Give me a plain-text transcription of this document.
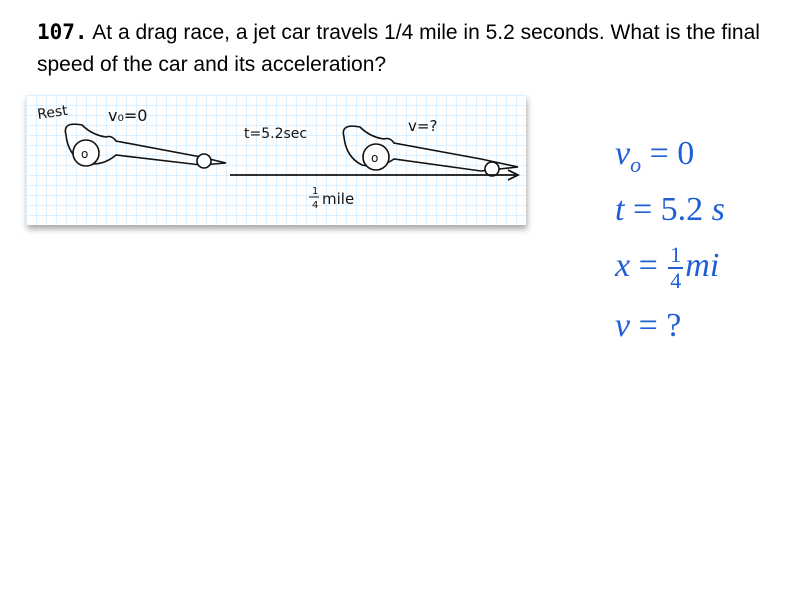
107. At a drag race, a jet car travels 1/4 mile in 5.2 seconds. What is the final speed of the car and its acceleration?
Rest v₀=0
t=5.2sec	v=?
o	o
1
4 mile
$v_o = 0$
t = 5.2 s
$x = \frac{1}{4}$ mi
v = ?
